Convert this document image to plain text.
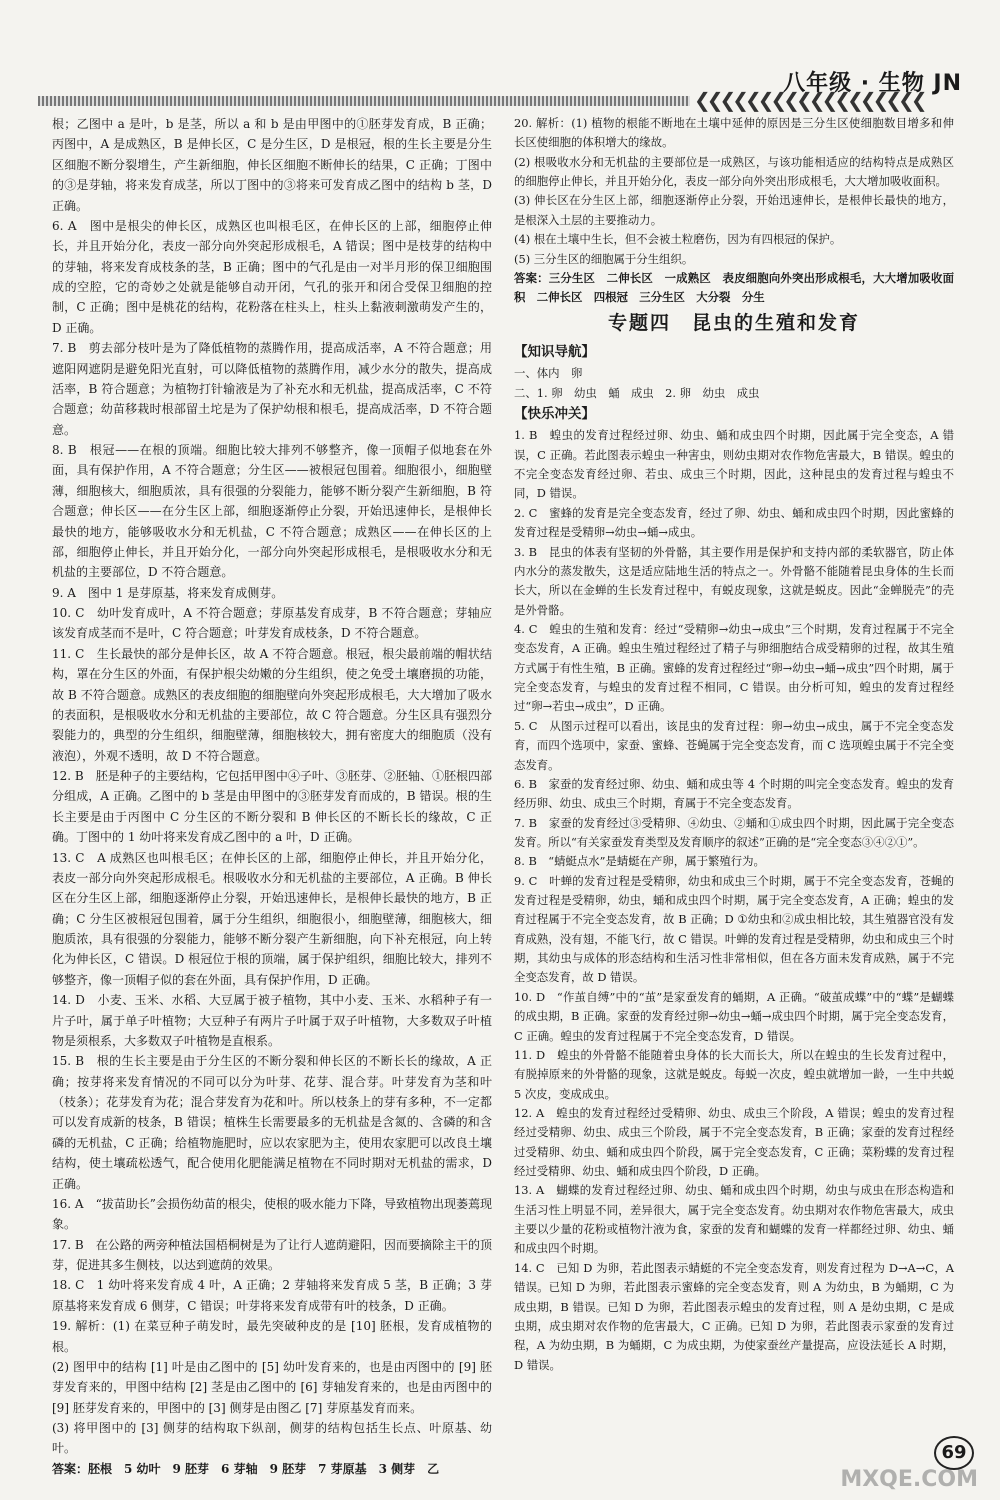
八年级 · 生物 JN
❮❮❮❮❮❮❮❮❮❮❮❮❮❮❮❮❮❮

根；乙图中 a 是叶，b 是茎，所以 a 和 b 是由甲图中的①胚芽发育成，B 正确；丙图中，A 是成熟区，B 是伸长区，C 是分生区，D 是根冠，根的生长主要是分生区细胞不断分裂增生，产生新细胞，伸长区细胞不断伸长的结果，C 正确；丁图中的③是芽轴，将来发育成茎，所以丁图中的③将来可发育成乙图中的结构 b 茎，D 正确。

6. A　图中是根尖的伸长区，成熟区也叫根毛区，在伸长区的上部，细胞停止伸长，并且开始分化，表皮一部分向外突起形成根毛，A 错误；图中是枝芽的结构中的芽轴，将来发育成枝条的茎，B 正确；图中的气孔是由一对半月形的保卫细胞围成的空腔，它的奇妙之处就是能够自动开闭，气孔的张开和闭合受保卫细胞的控制，C 正确；图中是桃花的结构，花粉落在柱头上，柱头上黏液刺激萌发产生的，D 正确。

7. B　剪去部分枝叶是为了降低植物的蒸腾作用，提高成活率，A 不符合题意；用遮阳网遮阴是避免阳光直射，可以降低植物的蒸腾作用，减少水分的散失，提高成活率，B 符合题意；为植物打针输液是为了补充水和无机盐，提高成活率，C 不符合题意；幼苗移栽时根部留土坨是为了保护幼根和根毛，提高成活率，D 不符合题意。

8. B　根冠——在根的顶端。细胞比较大排列不够整齐，像一顶帽子似地套在外面，具有保护作用，A 不符合题意；分生区——被根冠包围着。细胞很小，细胞壁薄，细胞核大，细胞质浓，具有很强的分裂能力，能够不断分裂产生新细胞，B 符合题意；伸长区——在分生区上部，细胞逐渐停止分裂，开始迅速伸长，是根伸长最快的地方，能够吸收水分和无机盐，C 不符合题意；成熟区——在伸长区的上部，细胞停止伸长，并且开始分化，一部分向外突起形成根毛，是根吸收水分和无机盐的主要部位，D 不符合题意。

9. A　图中 1 是芽原基，将来发育成侧芽。

10. C　幼叶发育成叶，A 不符合题意；芽原基发育成芽，B 不符合题意；芽轴应该发育成茎而不是叶，C 符合题意；叶芽发育成枝条，D 不符合题意。

11. C　生长最快的部分是伸长区，故 A 不符合题意。根冠，根尖最前端的帽状结构，罩在分生区的外面，有保护根尖幼嫩的分生组织，使之免受土壤磨损的功能，故 B 不符合题意。成熟区的表皮细胞的细胞壁向外突起形成根毛，大大增加了吸水的表面积，是根吸收水分和无机盐的主要部位，故 C 符合题意。分生区具有强烈分裂能力的，典型的分生组织，细胞壁薄，细胞核较大，拥有密度大的细胞质（没有液泡），外观不透明，故 D 不符合题意。

12. B　胚是种子的主要结构，它包括甲图中④子叶、③胚芽、②胚轴、①胚根四部分组成，A 正确。乙图中的 b 茎是由甲图中的③胚芽发育而成的，B 错误。根的生长主要是由于丙图中 C 分生区的不断分裂和 B 伸长区的不断长长的缘故，C 正确。丁图中的 1 幼叶将来发育成乙图中的 a 叶，D 正确。

13. C　A 成熟区也叫根毛区；在伸长区的上部，细胞停止伸长，并且开始分化，表皮一部分向外突起形成根毛。根吸收水分和无机盐的主要部位，A 正确。B 伸长区在分生区上部，细胞逐渐停止分裂，开始迅速伸长，是根伸长最快的地方，B 正确；C 分生区被根冠包围着，属于分生组织，细胞很小，细胞壁薄，细胞核大，细胞质浓，具有很强的分裂能力，能够不断分裂产生新细胞，向下补充根冠，向上转化为伸长区，C 错误。D 根冠位于根的顶端，属于保护组织，细胞比较大，排列不够整齐，像一顶帽子似的套在外面，具有保护作用，D 正确。

14. D　小麦、玉米、水稻、大豆属于被子植物，其中小麦、玉米、水稻种子有一片子叶，属于单子叶植物；大豆种子有两片子叶属于双子叶植物，大多数双子叶植物是须根系，大多数双子叶植物是直根系。

15. B　根的生长主要是由于分生区的不断分裂和伸长区的不断长长的缘故，A 正确；按芽将来发育情况的不同可以分为叶芽、花芽、混合芽。叶芽发育为茎和叶（枝条）；花芽发育为花；混合芽发育为花和叶。所以枝条上的芽有多种，不一定都可以发育成新的枝条，B 错误；植株生长需要最多的无机盐是含氮的、含磷的和含磷的无机盐，C 正确；给植物施肥时，应以农家肥为主，使用农家肥可以改良土壤结构，使土壤疏松透气，配合使用化肥能满足植物在不同时期对无机盐的需求，D 正确。

16. A　“拔苗助长”会损伤幼苗的根尖，使根的吸水能力下降，导致植物出现萎蔫现象。

17. B　在公路的两旁种植法国梧桐树是为了让行人遮荫避阳，因而要摘除主干的顶芽，促进其多生侧枝，以达到遮荫的效果。

18. C　1 幼叶将来发育成 4 叶，A 正确；2 芽轴将来发育成 5 茎，B 正确；3 芽原基将来发育成 6 侧芽，C 错误；叶芽将来发育成带有叶的枝条，D 正确。

19. 解析：(1) 在菜豆种子萌发时，最先突破种皮的是 [10] 胚根，发育成植物的根。

(2) 图甲中的结构 [1] 叶是由乙图中的 [5] 幼叶发育来的，也是由丙图中的 [9] 胚芽发育来的，甲图中结构 [2] 茎是由乙图中的 [6] 芽轴发育来的，也是由丙图中的 [9] 胚芽发育来的，甲图中的 [3] 侧芽是由图乙 [7] 芽原基发育而来。

(3) 将甲图中的 [3] 侧芽的结构取下纵剖，侧芽的结构包括生长点、叶原基、幼叶。

答案：胚根　5 幼叶　9 胚芽　6 芽轴　9 胚芽　7 芽原基　3 侧芽　乙

20. 解析：(1) 植物的根能不断地在土壤中延伸的原因是三分生区使细胞数目增多和伸长区使细胞的体积增大的缘故。

(2) 根吸收水分和无机盐的主要部位是一成熟区，与该功能相适应的结构特点是成熟区的细胞停止伸长，并且开始分化，表皮一部分向外突出形成根毛，大大增加吸收面积。

(3) 伸长区在分生区上部，细胞逐渐停止分裂，开始迅速伸长，是根伸长最快的地方，是根深入土层的主要推动力。

(4) 根在土壤中生长，但不会被土粒磨伤，因为有四根冠的保护。

(5) 三分生区的细胞属于分生组织。

答案：三分生区　二伸长区　一成熟区　表皮细胞向外突出形成根毛，大大增加吸收面积　二伸长区　四根冠　三分生区　大分裂　分生

专题四　昆虫的生殖和发育
【知识导航】

一、体内　卵

二、1. 卵　幼虫　蛹　成虫　2. 卵　幼虫　成虫

【快乐冲关】

1. B　蝗虫的发育过程经过卵、幼虫、蛹和成虫四个时期，因此属于完全变态，A 错误，C 正确。若此图表示蝗虫一种害虫，则幼虫期对农作物危害最大，B 错误。蝗虫的不完全变态发育经过卵、若虫、成虫三个时期，因此，这种昆虫的发育过程与蝗虫不同，D 错误。

2. C　蜜蜂的发育是完全变态发育，经过了卵、幼虫、蛹和成虫四个时期，因此蜜蜂的发育过程是受精卵→幼虫→蛹→成虫。

3. B　昆虫的体表有坚韧的外骨骼，其主要作用是保护和支持内部的柔软器官，防止体内水分的蒸发散失，这是适应陆地生活的特点之一。外骨骼不能随着昆虫身体的生长而长大，所以在金蝉的生长发育过程中，有蜕皮现象，这就是蜕皮。因此“金蝉脱壳”的壳是外骨骼。

4. C　蝗虫的生殖和发育：经过“受精卵→幼虫→成虫”三个时期，发育过程属于不完全变态发育，A 正确。蝗虫生殖过程经过了精子与卵细胞结合成受精卵的过程，故其生殖方式属于有性生殖，B 正确。蜜蜂的发育过程经过“卵→幼虫→蛹→成虫”四个时期，属于完全变态发育，与蝗虫的发育过程不相同，C 错误。由分析可知，蝗虫的发育过程经过“卵→若虫→成虫”，D 正确。

5. C　从图示过程可以看出，该昆虫的发育过程：卵→幼虫→成虫，属于不完全变态发育，而四个选项中，家蚕、蜜蜂、苍蝇属于完全变态发育，而 C 选项蝗虫属于不完全变态发育。

6. B　家蚕的发育经过卵、幼虫、蛹和成虫等 4 个时期的叫完全变态发育。蝗虫的发育经历卵、幼虫、成虫三个时期，育属于不完全变态发育。

7. B　家蚕的发育经过③受精卵、④幼虫、②蛹和①成虫四个时期，因此属于完全变态发育。所以“有关家蚕发育类型及发育顺序的叙述”正确的是“完全变态③④②①”。

8. B　“蜻蜓点水”是蜻蜓在产卵，属于繁殖行为。

9. C　叶蝉的发育过程是受精卵，幼虫和成虫三个时期，属于不完全变态发育，苍蝇的发育过程是受精卵，幼虫，蛹和成虫四个时期，属于完全变态发育，A 正确；蝗虫的发育过程属于不完全变态发育，故 B 正确；D ①幼虫和②成虫相比较，其生殖器官没有发育成熟，没有翅，不能飞行，故 C 错误。叶蝉的发育过程是受精卵，幼虫和成虫三个时期，其幼虫与成体的形态结构和生活习性非常相似，但在各方面未发育成熟，属于不完全变态发育，故 D 错误。

10. D　“作茧自缚”中的“茧”是家蚕发育的蛹期，A 正确。“破茧成蝶”中的“蝶”是蝴蝶的成虫期，B 正确。家蚕的发育经过卵→幼虫→蛹→成虫四个时期，属于完全变态发育，C 正确。蝗虫的发育过程属于不完全变态发育，D 错误。

11. D　蝗虫的外骨骼不能随着虫身体的长大而长大，所以在蝗虫的生长发育过程中，有脱掉原来的外骨骼的现象，这就是蜕皮。每蜕一次皮，蝗虫就增加一龄，一生中共蜕 5 次皮，变成成虫。

12. A　蝗虫的发育过程经过受精卵、幼虫、成虫三个阶段，A 错误；蝗虫的发育过程经过受精卵、幼虫、成虫三个阶段，属于不完全变态发育，B 正确；家蚕的发育过程经过受精卵、幼虫、蛹和成虫四个阶段，属于完全变态发育，C 正确；菜粉蝶的发育过程经过受精卵、幼虫、蛹和成虫四个阶段，D 正确。

13. A　蝴蝶的发育过程经过卵、幼虫、蛹和成虫四个时期，幼虫与成虫在形态构造和生活习性上明显不同，差异很大，属于完全变态发育。幼虫期对农作物危害最大，成虫主要以少量的花粉或植物汁液为食，家蚕的发育和蝴蝶的发育一样都经过卵、幼虫、蛹和成虫四个时期。

14. C　已知 D 为卵，若此图表示蜻蜓的不完全变态发育，则发育过程为 D→A→C，A 错误。已知 D 为卵，若此图表示蜜蜂的完全变态发育，则 A 为幼虫，B 为蛹期，C 为成虫期，B 错误。已知 D 为卵，若此图表示蝗虫的发育过程，则 A 是幼虫期，C 是成虫期，成虫期对农作物的危害最大，C 正确。已知 D 为卵，若此图表示家蚕的发育过程，A 为幼虫期，B 为蛹期，C 为成虫期，为使家蚕丝产量提高，应设法延长 A 时期，D 错误。

69
MXQE.COM
